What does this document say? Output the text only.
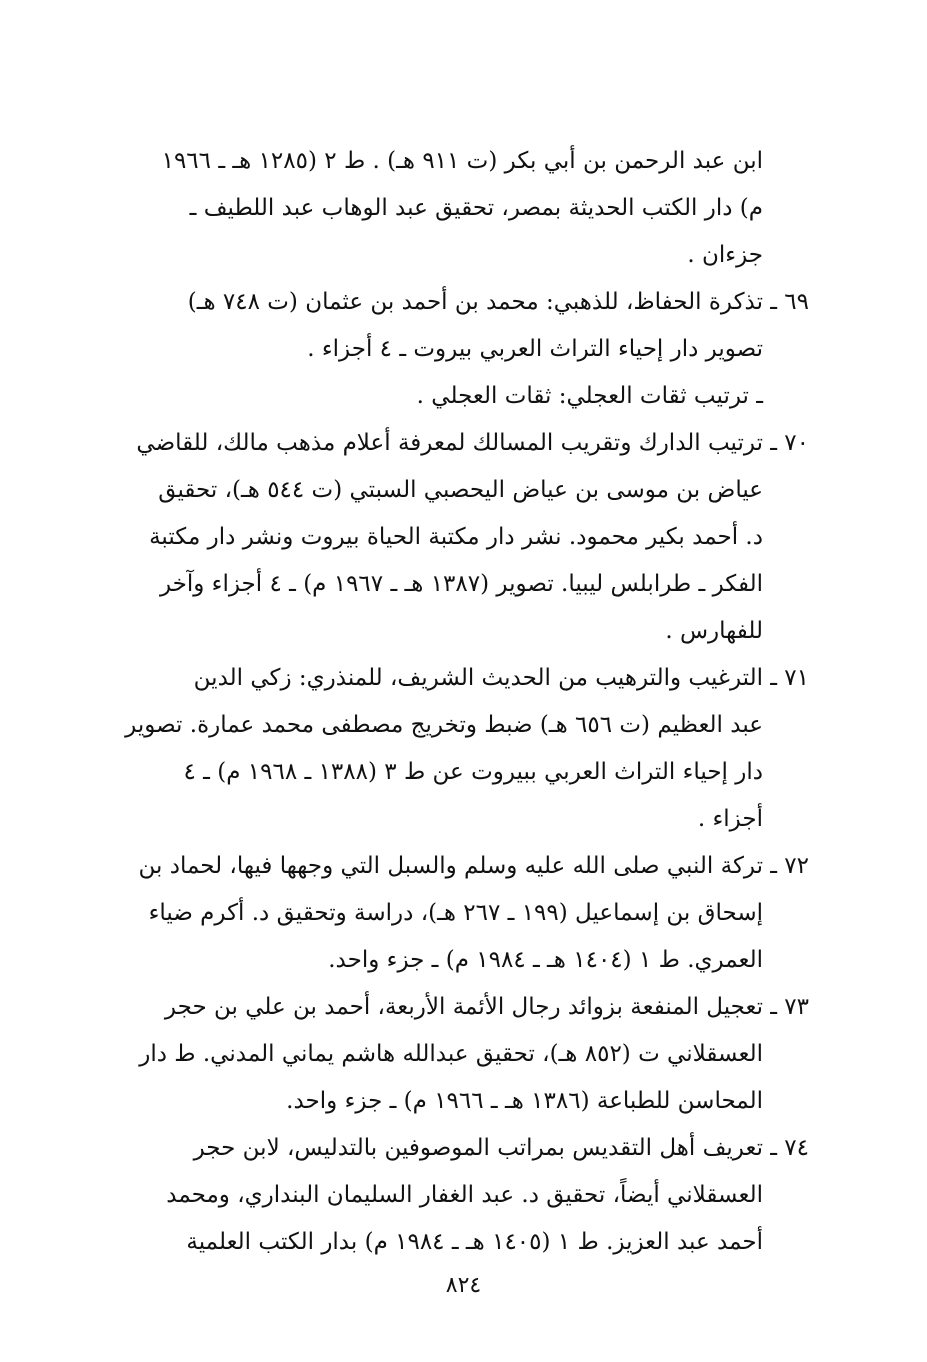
ابن عبد الرحمن بن أبي بكر (ت ٩١١ هـ) . ط ٢ (١٢٨٥ هـ ـ ١٩٦٦
م) دار الكتب الحديثة بمصر، تحقيق عبد الوهاب عبد اللطيف ـ
جزءان .
٦٩ ـ
تذكرة الحفاظ، للذهبي: محمد بن أحمد بن عثمان (ت ٧٤٨ هـ)
تصوير دار إحياء التراث العربي بيروت ـ ٤ أجزاء .
ـ ترتيب ثقات العجلي: ثقات العجلي .
٧٠ ـ
ترتيب الدارك وتقريب المسالك لمعرفة أعلام مذهب مالك، للقاضي
عياض بن موسى بن عياض اليحصبي السبتي (ت ٥٤٤ هـ)، تحقيق
د. أحمد بكير محمود. نشر دار مكتبة الحياة بيروت ونشر دار مكتبة
الفكر ـ طرابلس ليبيا. تصوير (١٣٨٧ هـ ـ ١٩٦٧ م) ـ ٤ أجزاء وآخر
للفهارس .
٧١ ـ
الترغيب والترهيب من الحديث الشريف، للمنذري: زكي الدين
عبد العظيم (ت ٦٥٦ هـ) ضبط وتخريج مصطفى محمد عمارة. تصوير
دار إحياء التراث العربي ببيروت عن ط ٣ (١٣٨٨ ـ ١٩٦٨ م) ـ ٤
أجزاء .
٧٢ ـ
تركة النبي صلى الله عليه وسلم والسبل التي وجهها فيها، لحماد بن
إسحاق بن إسماعيل (١٩٩ ـ ٢٦٧ هـ)، دراسة وتحقيق د. أكرم ضياء
العمري. ط ١ (١٤٠٤ هـ ـ ١٩٨٤ م) ـ جزء واحد.
٧٣ ـ
تعجيل المنفعة بزوائد رجال الأئمة الأربعة، أحمد بن علي بن حجر
العسقلاني ت (٨٥٢ هـ)، تحقيق عبدالله هاشم يماني المدني. ط دار
المحاسن للطباعة (١٣٨٦ هـ ـ ١٩٦٦ م) ـ جزء واحد.
٧٤ ـ
تعريف أهل التقديس بمراتب الموصوفين بالتدليس، لابن حجر
العسقلاني أيضاً، تحقيق د. عبد الغفار السليمان البنداري، ومحمد
أحمد عبد العزيز. ط ١ (١٤٠٥ هـ ـ ١٩٨٤ م) بدار الكتب العلمية
٨٢٤
